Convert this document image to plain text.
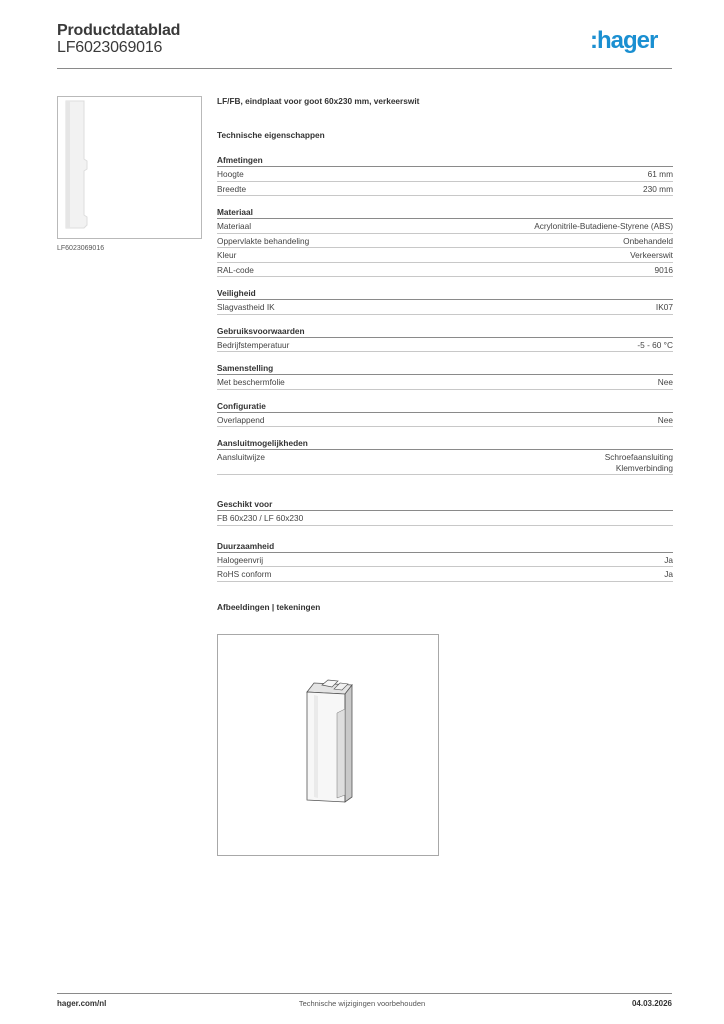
Productdatablad
LF6023069016	:hager
LF6023069016
LF/FB, eindplaat voor goot 60x230 mm, verkeerswit
Technische eigenschappen
Afmetingen
Hoogte	61 mm
Breedte	230 mm
Materiaal
Materiaal	Acrylonitrile-Butadiene-Styrene (ABS)
Oppervlakte behandeling	Onbehandeld
Kleur	Verkeerswit
RAL-code	9016
Veiligheid
Slagvastheid IK	IK07
Gebruiksvoorwaarden
Bedrijfstemperatuur	-5 - 60 °C
Samenstelling
Met beschermfolie	Nee
Configuratie
Overlappend	Nee
Aansluitmogelijkheden
Aansluitwijze	Schroefaansluiting
Klemverbinding
Geschikt voor
FB 60x230 / LF 60x230
Duurzaamheid
Halogeenvrij	Ja
RoHS conform	Ja
Afbeeldingen | tekeningen
hager.com/nl	Technische wijzigingen voorbehouden	04.03.2026
